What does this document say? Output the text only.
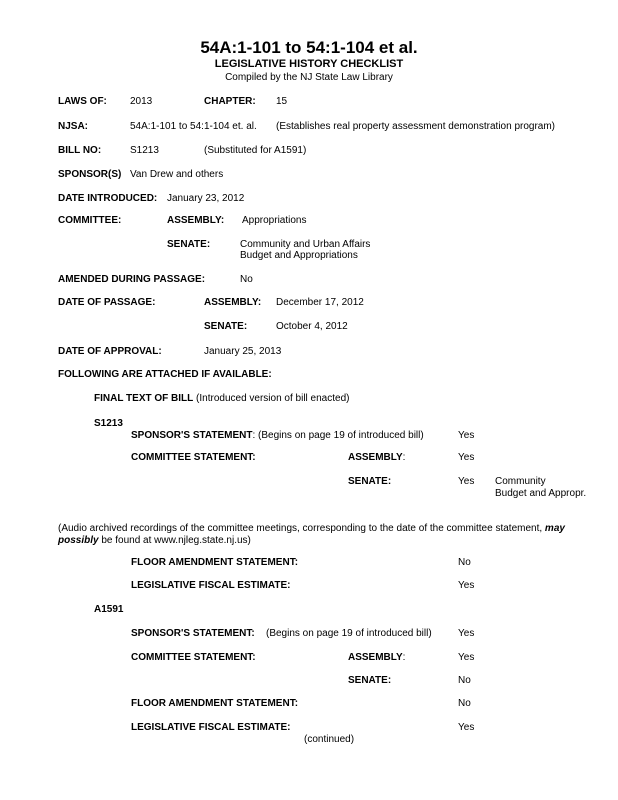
54A:1-101 to 54:1-104 et al.
LEGISLATIVE HISTORY CHECKLIST
Compiled by the NJ State Law Library
LAWS OF: 2013	CHAPTER: 15
NJSA:	54A:1-101 to 54:1-104 et. al. (Establishes real property assessment demonstration program)
BILL NO:	S1213	(Substituted for A1591)
SPONSOR(S) Van Drew and others
DATE INTRODUCED: January 23, 2012
COMMITTEE:	ASSEMBLY: Appropriations
SENATE:	Community and Urban Affairs
Budget and Appropriations
AMENDED DURING PASSAGE:	No
DATE OF PASSAGE:	ASSEMBLY: December 17, 2012
SENATE:	October 4, 2012
DATE OF APPROVAL:	January 25, 2013
FOLLOWING ARE ATTACHED IF AVAILABLE:
FINAL TEXT OF BILL (Introduced version of bill enacted)
S1213
SPONSOR'S STATEMENT: (Begins on page 19 of introduced bill)	Yes
COMMITTEE STATEMENT:	ASSEMBLY:	Yes
SENATE:	Yes Community
Budget and Appropr.
(Audio archived recordings of the committee meetings, corresponding to the date of the committee statement, may possibly be found at www.njleg.state.nj.us)
FLOOR AMENDMENT STATEMENT:	No
LEGISLATIVE FISCAL ESTIMATE:	Yes
A1591
SPONSOR'S STATEMENT: (Begins on page 19 of introduced bill)	Yes
COMMITTEE STATEMENT:	ASSEMBLY:	Yes
SENATE:	No
FLOOR AMENDMENT STATEMENT:	No
LEGISLATIVE FISCAL ESTIMATE:	Yes
(continued)
